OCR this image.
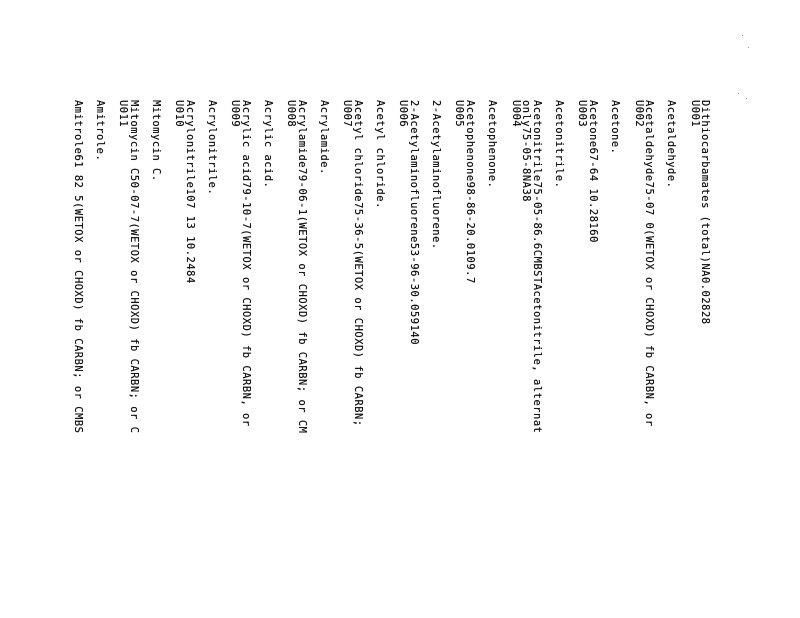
Dithiocarbamates (total)NA0.02828
U001
Acetaldehyde.
Acetaldehyde75-07 0(WETOX or CHOXD) fb CARBN, or
U002
Acetone.
Acetone67-64 10.28160
U003
Acetonitrile.
Acetonitrile75-05-86.6CMBSTAcetonitrile, alternat
only75-05-8NA38
U004
Acetophenone.
Acetophenone98-86-20.0109.7
U005
2-Acetylaminofluorene.
2-Acetylaminofluorene53-96-30.059140
U006
Acetyl chloride.
Acetyl chloride75-36-5(WETOX or CHOXD) fb CARBN;
U007
Acrylamide.
Acrylamide79-06-1(WETOX or CHOXD) fb CARBN; or CM
U008
Acrylic acid.
Acrylic acid79-10-7(WETOX or CHOXD) fb CARBN, or
U009
Acrylonitrile.
Acrylonitrile107 13 10.2484
U010
Mitomycin C.
Mitomycin C50-07-7(WETOX or CHOXD) fb CARBN; or C
U011
Amitrole.
Amitrole61 82 5(WETOX or CHOXD) fb CARBN; or CMBS
